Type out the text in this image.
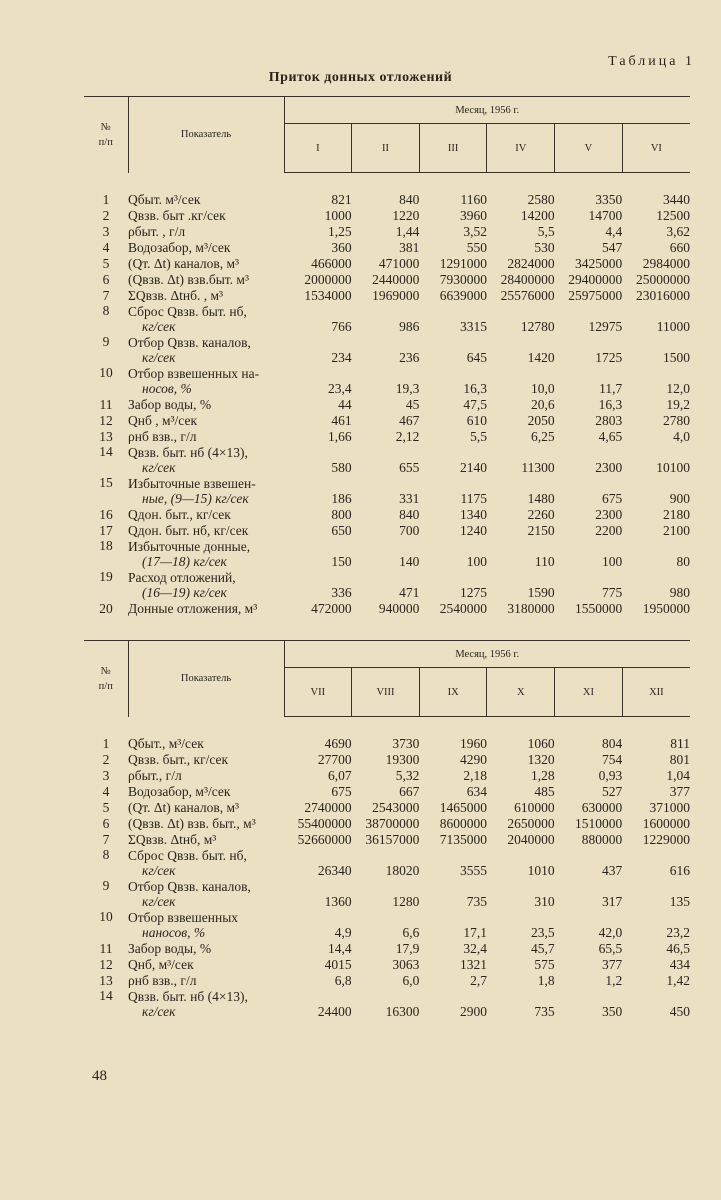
Таблица 1
Приток донных отложений
№
п/п	Показатель	Месяц, 1956 г.					
		I	II	III	IV	V	VI

1	Qбыт. м³/сек	821	840	1160	2580	3350	3440
2	Qвзв. быт .кг/сек	1000	1220	3960	14200	14700	12500
3	ρбыт. , г/л	1,25	1,44	3,52	5,5	4,4	3,62
4	Водозабор, м³/сек	360	381	550	530	547	660
5	(Qт. Δt) каналов, м³	466000	471000	1291000	2824000	3425000	2984000
6	(Qвзв. Δt) взв.быт. м³	2000000	2440000	7930000	28400000	29400000	25000000
7	ΣQвзв. Δtнб. , м³	1534000	1969000	6639000	25576000	25975000	23016000
8	Сброс Qвзв. быт. нб,
кг/сек	766	986	3315	12780	12975	11000
9	Отбор Qвзв. каналов,
кг/сек	234	236	645	1420	1725	1500
10	Отбор взвешенных на-
носов, %	23,4	19,3	16,3	10,0	11,7	12,0
11	Забор воды, %	44	45	47,5	20,6	16,3	19,2
12	Qнб , м³/сек	461	467	610	2050	2803	2780
13	ρнб взв., г/л	1,66	2,12	5,5	6,25	4,65	4,0
14	Qвзв. быт. нб (4×13),
кг/сек	580	655	2140	11300	2300	10100
15	Избыточные взвешен-
ные, (9—15) кг/сек	186	331	1175	1480	675	900
16	Qдон. быт., кг/сек	800	840	1340	2260	2300	2180
17	Qдон. быт. нб, кг/сек	650	700	1240	2150	2200	2100
18	Избыточные донные,
(17—18) кг/сек	150	140	100	110	100	80
19	Расход отложений,
(16—19) кг/сек	336	471	1275	1590	775	980
20	Донные отложения, м³	472000	940000	2540000	3180000	1550000	1950000
№
п/п	Показатель	Месяц, 1956 г.					
		VII	VIII	IX	X	XI	XII

1	Qбыт., м³/сек	4690	3730	1960	1060	804	811
2	Qвзв. быт., кг/сек	27700	19300	4290	1320	754	801
3	ρбыт., г/л	6,07	5,32	2,18	1,28	0,93	1,04
4	Водозабор, м³/сек	675	667	634	485	527	377
5	(Qт. Δt) каналов, м³	2740000	2543000	1465000	610000	630000	371000
6	(Qвзв. Δt) взв. быт., м³	55400000	38700000	8600000	2650000	1510000	1600000
7	ΣQвзв. Δtнб, м³	52660000	36157000	7135000	2040000	880000	1229000
8	Сброс Qвзв. быт. нб,
кг/сек	26340	18020	3555	1010	437	616
9	Отбор Qвзв. каналов,
кг/сек	1360	1280	735	310	317	135
10	Отбор взвешенных
наносов, %	4,9	6,6	17,1	23,5	42,0	23,2
11	Забор воды, %	14,4	17,9	32,4	45,7	65,5	46,5
12	Qнб, м³/сек	4015	3063	1321	575	377	434
13	ρнб взв., г/л	6,8	6,0	2,7	1,8	1,2	1,42
14	Qвзв. быт. нб (4×13),
кг/сек	24400	16300	2900	735	350	450
48
